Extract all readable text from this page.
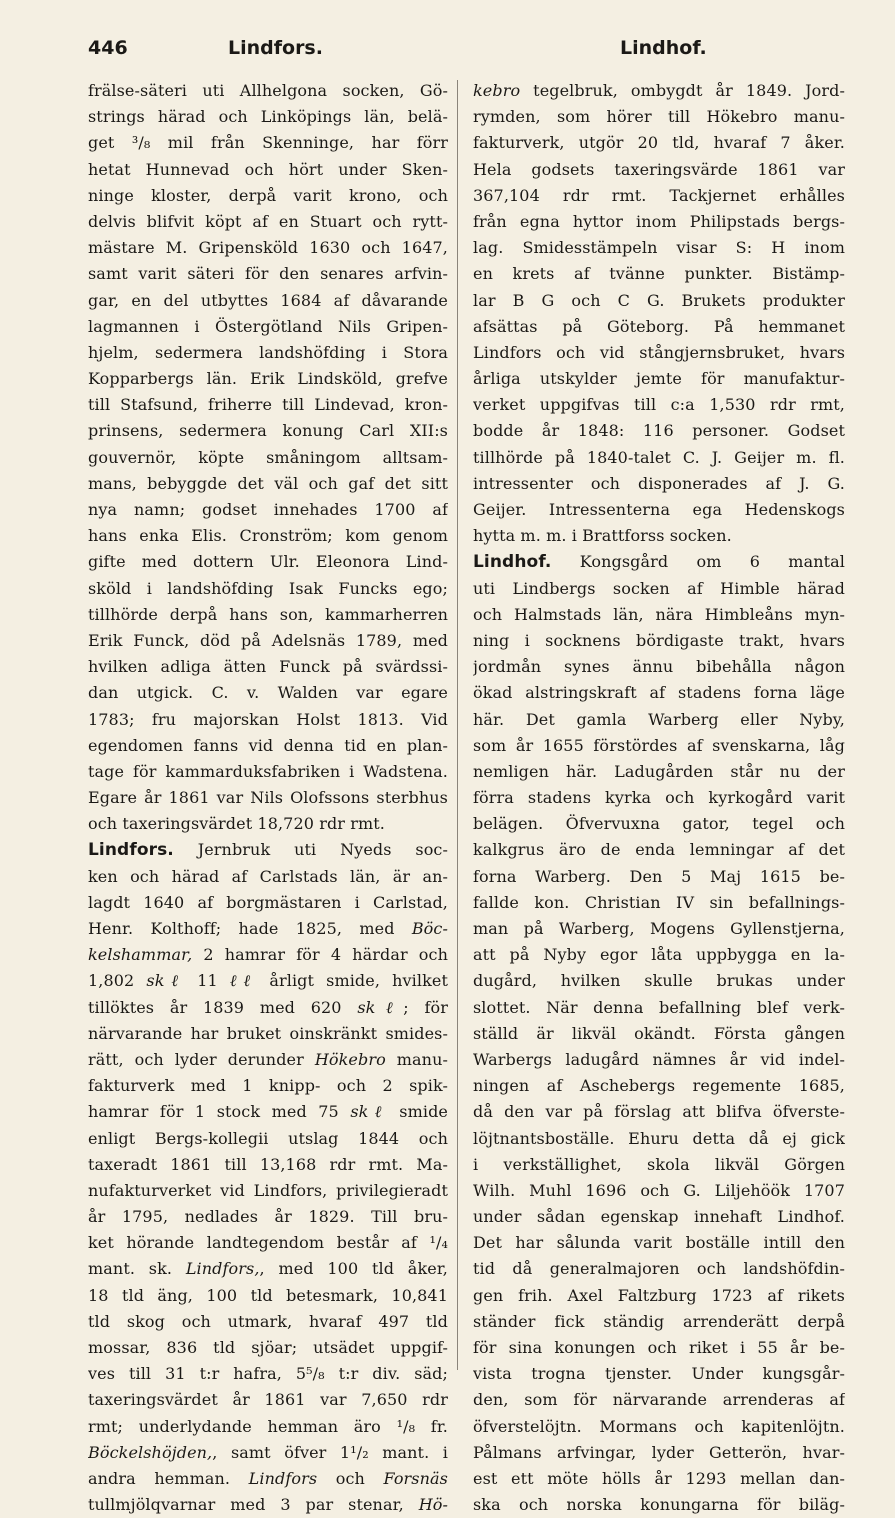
446	Lindfors.	Lindhof.
frälse-säteri uti Allhelgona socken, Gö-
strings härad och Linköpings län, belä-
get ³/₈ mil från Skenninge, har förr
hetat Hunnevad och hört under Sken-
ninge kloster, derpå varit krono, och
delvis blifvit köpt af en Stuart och rytt-
mästare M. Gripensköld 1630 och 1647,
samt varit säteri för den senares arfvin-
gar, en del utbyttes 1684 af dåvarande
lagmannen i Östergötland Nils Gripen-
hjelm, sedermera landshöfding i Stora
Kopparbergs län. Erik Lindsköld, grefve
till Stafsund, friherre till Lindevad, kron-
prinsens, sedermera konung Carl XII:s
gouvernör, köpte småningom alltsam-
mans, bebyggde det väl och gaf det sitt
nya namn; godset innehades 1700 af
hans enka Elis. Cronström; kom genom
gifte med dottern Ulr. Eleonora Lind-
sköld i landshöfding Isak Funcks ego;
tillhörde derpå hans son, kammarherren
Erik Funck, död på Adelsnäs 1789, med
hvilken adliga ätten Funck på svärdssi-
dan utgick. C. v. Walden var egare
1783; fru majorskan Holst 1813. Vid
egendomen fanns vid denna tid en plan-
tage för kammarduksfabriken i Wadstena.
Egare år 1861 var Nils Olofssons sterbhus
och taxeringsvärdet 18,720 rdr rmt.
Lindfors. Jernbruk uti Nyeds soc-
ken och härad af Carlstads län, är an-
lagdt 1640 af borgmästaren i Carlstad,
Henr. Kolthoff; hade 1825, med Böc-
kelshammar, 2 hamrar för 4 härdar och
1,802 skℓ 11 ℓℓ årligt smide, hvilket
tillöktes år 1839 med 620 skℓ; för
närvarande har bruket oinskränkt smides-
rätt, och lyder derunder Hökebro manu-
fakturverk med 1 knipp- och 2 spik-
hamrar för 1 stock med 75 skℓ smide
enligt Bergs-kollegii utslag 1844 och
taxeradt 1861 till 13,168 rdr rmt. Ma-
nufakturverket vid Lindfors, privilegieradt
år 1795, nedlades år 1829. Till bru-
ket hörande landtegendom består af ¹/₄
mant. sk. Lindfors,, med 100 tld åker,
18 tld äng, 100 tld betesmark, 10,841
tld skog och utmark, hvaraf 497 tld
mossar, 836 tld sjöar; utsädet uppgif-
ves till 31 t:r hafra, 5⁵/₈ t:r div. säd;
taxeringsvärdet år 1861 var 7,650 rdr
rmt; underlydande hemman äro ¹/₈ fr.
Böckelshöjden,, samt öfver 1¹/₂ mant. i
andra hemman. Lindfors och Forsnäs
tullmjölqvarnar med 3 par stenar, Hö-
kebro tegelbruk, ombygdt år 1849. Jord-
rymden, som hörer till Hökebro manu-
fakturverk, utgör 20 tld, hvaraf 7 åker.
Hela godsets taxeringsvärde 1861 var
367,104 rdr rmt. Tackjernet erhålles
från egna hyttor inom Philipstads bergs-
lag. Smidesstämpeln visar S: H inom
en krets af tvänne punkter. Bistämp-
lar B G och C G. Brukets produkter
afsättas på Göteborg. På hemmanet
Lindfors och vid stångjernsbruket, hvars
årliga utskylder jemte för manufaktur-
verket uppgifvas till c:a 1,530 rdr rmt,
bodde år 1848: 116 personer. Godset
tillhörde på 1840-talet C. J. Geijer m. fl.
intressenter och disponerades af J. G.
Geijer. Intressenterna ega Hedenskogs
hytta m. m. i Brattforss socken.
Lindhof. Kongsgård om 6 mantal
uti Lindbergs socken af Himble härad
och Halmstads län, nära Himbleåns myn-
ning i socknens bördigaste trakt, hvars
jordmån synes ännu bibehålla någon
ökad alstringskraft af stadens forna läge
här. Det gamla Warberg eller Nyby,
som år 1655 förstördes af svenskarna, låg
nemligen här. Ladugården står nu der
förra stadens kyrka och kyrkogård varit
belägen. Öfvervuxna gator, tegel och
kalkgrus äro de enda lemningar af det
forna Warberg. Den 5 Maj 1615 be-
fallde kon. Christian IV sin befallnings-
man på Warberg, Mogens Gyllenstjerna,
att på Nyby egor låta uppbygga en la-
dugård, hvilken skulle brukas under
slottet. När denna befallning blef verk-
ställd är likväl okändt. Första gången
Warbergs ladugård nämnes år vid indel-
ningen af Aschebergs regemente 1685,
då den var på förslag att blifva öfverste-
löjtnantsboställe. Ehuru detta då ej gick
i verkställighet, skola likväl Görgen
Wilh. Muhl 1696 och G. Liljehöök 1707
under sådan egenskap innehaft Lindhof.
Det har sålunda varit boställe intill den
tid då generalmajoren och landshöfdin-
gen frih. Axel Faltzburg 1723 af rikets
ständer fick ständig arrenderätt derpå
för sina konungen och riket i 55 år be-
vista trogna tjenster. Under kungsgår-
den, som för närvarande arrenderas af
öfverstelöjtn. Mormans och kapitenlöjtn.
Pålmans arfvingar, lyder Getterön, hvar-
est ett möte hölls år 1293 mellan dan-
ska och norska konungarna för biläg-
